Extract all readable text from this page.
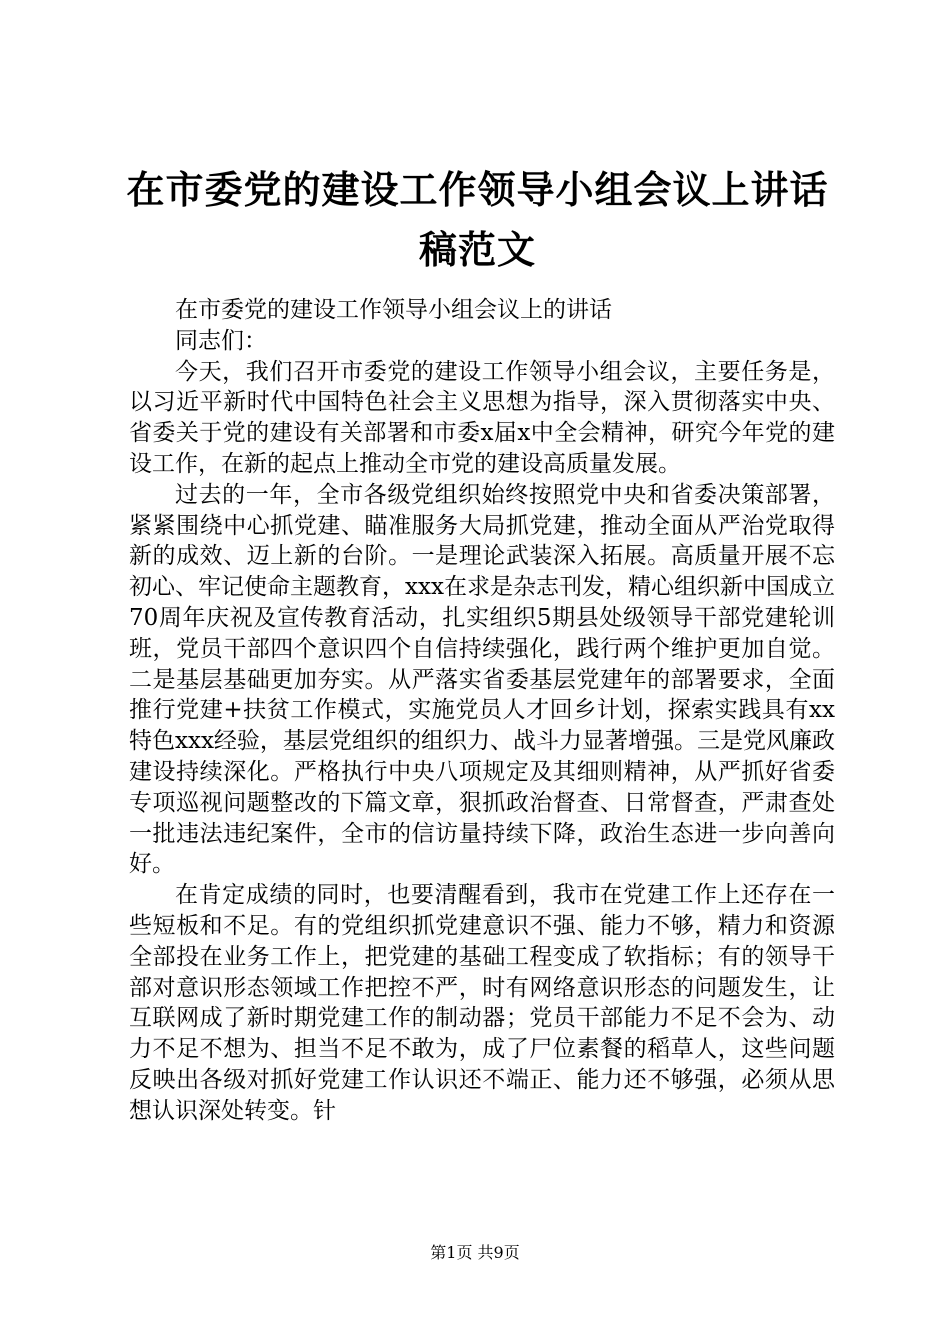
在市委党的建设工作领导小组会议上讲话稿范文

在市委党的建设工作领导小组会议上的讲话

同志们：

今天，我们召开市委党的建设工作领导小组会议，主要任务是，以习近平新时代中国特色社会主义思想为指导，深入贯彻落实中央、省委关于党的建设有关部署和市委x届x中全会精神，研究今年党的建设工作，在新的起点上推动全市党的建设高质量发展。

过去的一年，全市各级党组织始终按照党中央和省委决策部署，紧紧围绕中心抓党建、瞄准服务大局抓党建，推动全面从严治党取得新的成效、迈上新的台阶。一是理论武装深入拓展。高质量开展不忘初心、牢记使命主题教育，xxx在求是杂志刊发，精心组织新中国成立70周年庆祝及宣传教育活动，扎实组织5期县处级领导干部党建轮训班，党员干部四个意识四个自信持续强化，践行两个维护更加自觉。二是基层基础更加夯实。从严落实省委基层党建年的部署要求，全面推行党建+扶贫工作模式，实施党员人才回乡计划，探索实践具有xx特色xxx经验，基层党组织的组织力、战斗力显著增强。三是党风廉政建设持续深化。严格执行中央八项规定及其细则精神，从严抓好省委专项巡视问题整改的下篇文章，狠抓政治督查、日常督查，严肃查处一批违法违纪案件，全市的信访量持续下降，政治生态进一步向善向好。

在肯定成绩的同时，也要清醒看到，我市在党建工作上还存在一些短板和不足。有的党组织抓党建意识不强、能力不够，精力和资源全部投在业务工作上，把党建的基础工程变成了软指标；有的领导干部对意识形态领域工作把控不严，时有网络意识形态的问题发生，让互联网成了新时期党建工作的制动器；党员干部能力不足不会为、动力不足不想为、担当不足不敢为，成了尸位素餐的稻草人，这些问题反映出各级对抓好党建工作认识还不端正、能力还不够强，必须从思想认识深处转变。针

第1页 共9页
